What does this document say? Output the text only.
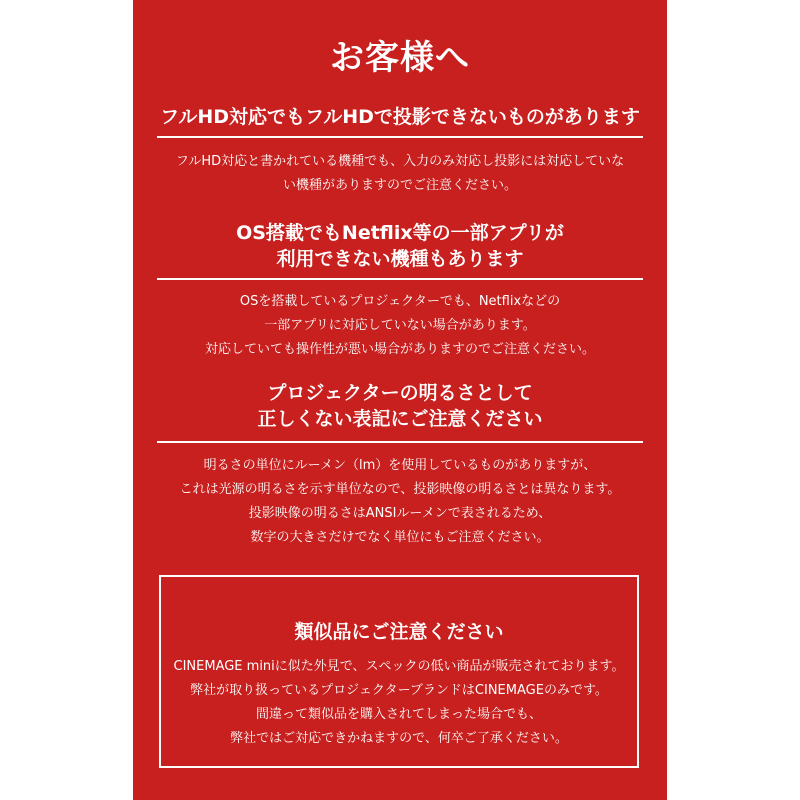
お客様へ
フルHD対応でもフルHDで投影できないものがあります
フルHD対応と書かれている機種でも、入力のみ対応し投影には対応していな
い機種がありますのでご注意ください。
OS搭載でもNetflix等の一部アプリが
利用できない機種もあります
OSを搭載しているプロジェクターでも、Netflixなどの
一部アプリに対応していない場合があります。
対応していても操作性が悪い場合がありますのでご注意ください。
プロジェクターの明るさとして
正しくない表記にご注意ください
明るさの単位にルーメン（lm）を使用しているものがありますが、
これは光源の明るさを示す単位なので、投影映像の明るさとは異なります。
投影映像の明るさはANSIルーメンで表されるため、
数字の大きさだけでなく単位にもご注意ください。
類似品にご注意ください
CINEMAGE miniに似た外見で、スペックの低い商品が販売されております。
弊社が取り扱っているプロジェクターブランドはCINEMAGEのみです。
間違って類似品を購入されてしまった場合でも、
弊社ではご対応できかねますので、何卒ご了承ください。
